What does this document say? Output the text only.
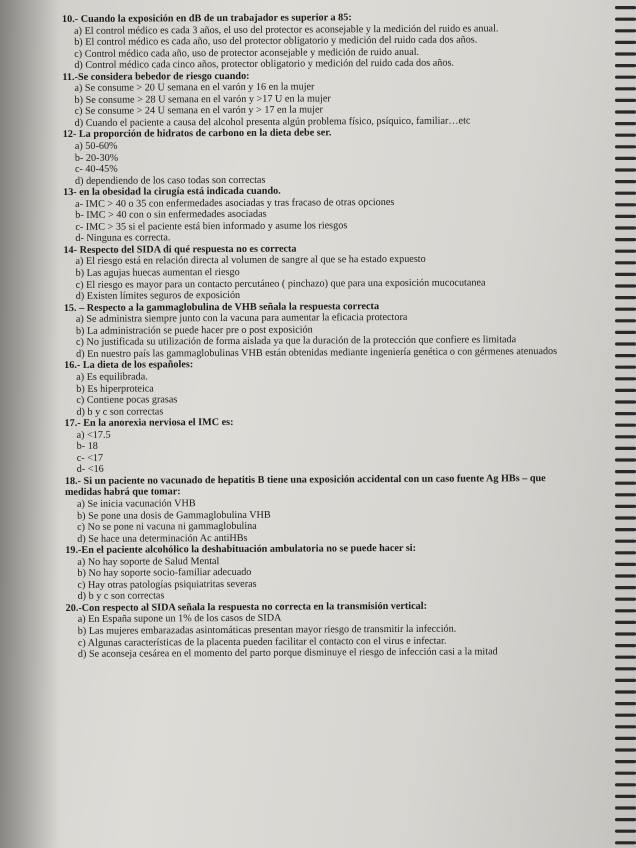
10.- Cuando la exposición en dB de un trabajador es superior a 85:

a) El control médico es cada 3 años, el uso del protector es aconsejable y la medición del ruido es anual.

b) El control médico es cada año, uso del protector obligatorio y medición del ruido cada dos años.

c) Control médico cada año, uso de protector aconsejable y medición de ruido anual.

d) Control médico cada cinco años, protector obligatorio y medición del ruido cada dos años.

11.-Se considera bebedor de riesgo cuando:

a) Se consume > 20 U semana en el varón y 16 en la mujer

b) Se consume > 28 U semana en el varón y >17 U en la mujer

c) Se consume > 24 U semana en el varón y > 17 en la mujer

d) Cuando el paciente a causa del alcohol presenta algún problema físico, psíquico, familiar…etc

12- La proporción de hidratos de carbono en la dieta debe ser.

a) 50-60%

b- 20-30%

c- 40-45%

d) dependiendo de los caso todas son correctas

13- en la obesidad la cirugía está indicada cuando.

a- IMC > 40 o 35 con enfermedades asociadas y tras fracaso de otras opciones

b- IMC > 40 con o sin enfermedades asociadas

c- IMC > 35 si el paciente está bien informado y asume los riesgos

d- Ninguna es correcta.

14- Respecto del SIDA di qué respuesta no es correcta

a) El riesgo está en relación directa al volumen de sangre al que se ha estado expuesto

b) Las agujas huecas aumentan el riesgo

c) El riesgo es mayor para un contacto percutáneo ( pinchazo) que para una exposición mucocutanea

d) Existen límites seguros de exposición

15. – Respecto a la gammaglobulina de VHB señala la respuesta correcta

a) Se administra siempre junto con la vacuna para aumentar la eficacia protectora

b) La administración se puede hacer pre o post exposición

c) No justificada su utilización de forma aislada ya que la duración de la protección que confiere es limitada

d) En nuestro país las gammaglobulinas VHB están obtenidas mediante ingeniería genética o con gérmenes atenuados

16.- La dieta de los españoles:

a) Es equilibrada.

b) Es hiperproteica

c) Contiene pocas grasas

d) b y c son correctas

17.- En la anorexia nerviosa el IMC es:

a) <17.5

b- 18

c- <17

d- <16

18.- Si un paciente no vacunado de hepatitis B tiene una exposición accidental con un caso fuente Ag HBs – que medidas habrá que tomar:

a) Se inicia vacunación VHB

b) Se pone una dosis de Gammaglobulina VHB

c) No se pone ni vacuna ni gammaglobulina

d) Se hace una determinación Ac antiHBs

19.-En el paciente alcohólico la deshabituación ambulatoria no se puede hacer si:

a) No hay soporte de Salud Mental

b) No hay soporte socio-familiar adecuado

c) Hay otras patologías psiquiatritas severas

d) b y c son correctas

20.-Con respecto al SIDA señala la respuesta no correcta en la transmisión vertical:

a) En España supone un 1% de los casos de SIDA

b) Las mujeres embarazadas asintomáticas presentan mayor riesgo de transmitir la infección.

c) Algunas características de la placenta pueden facilitar el contacto con el virus e infectar.

d) Se aconseja cesárea en el momento del parto porque disminuye el riesgo de infección casi a la mitad
